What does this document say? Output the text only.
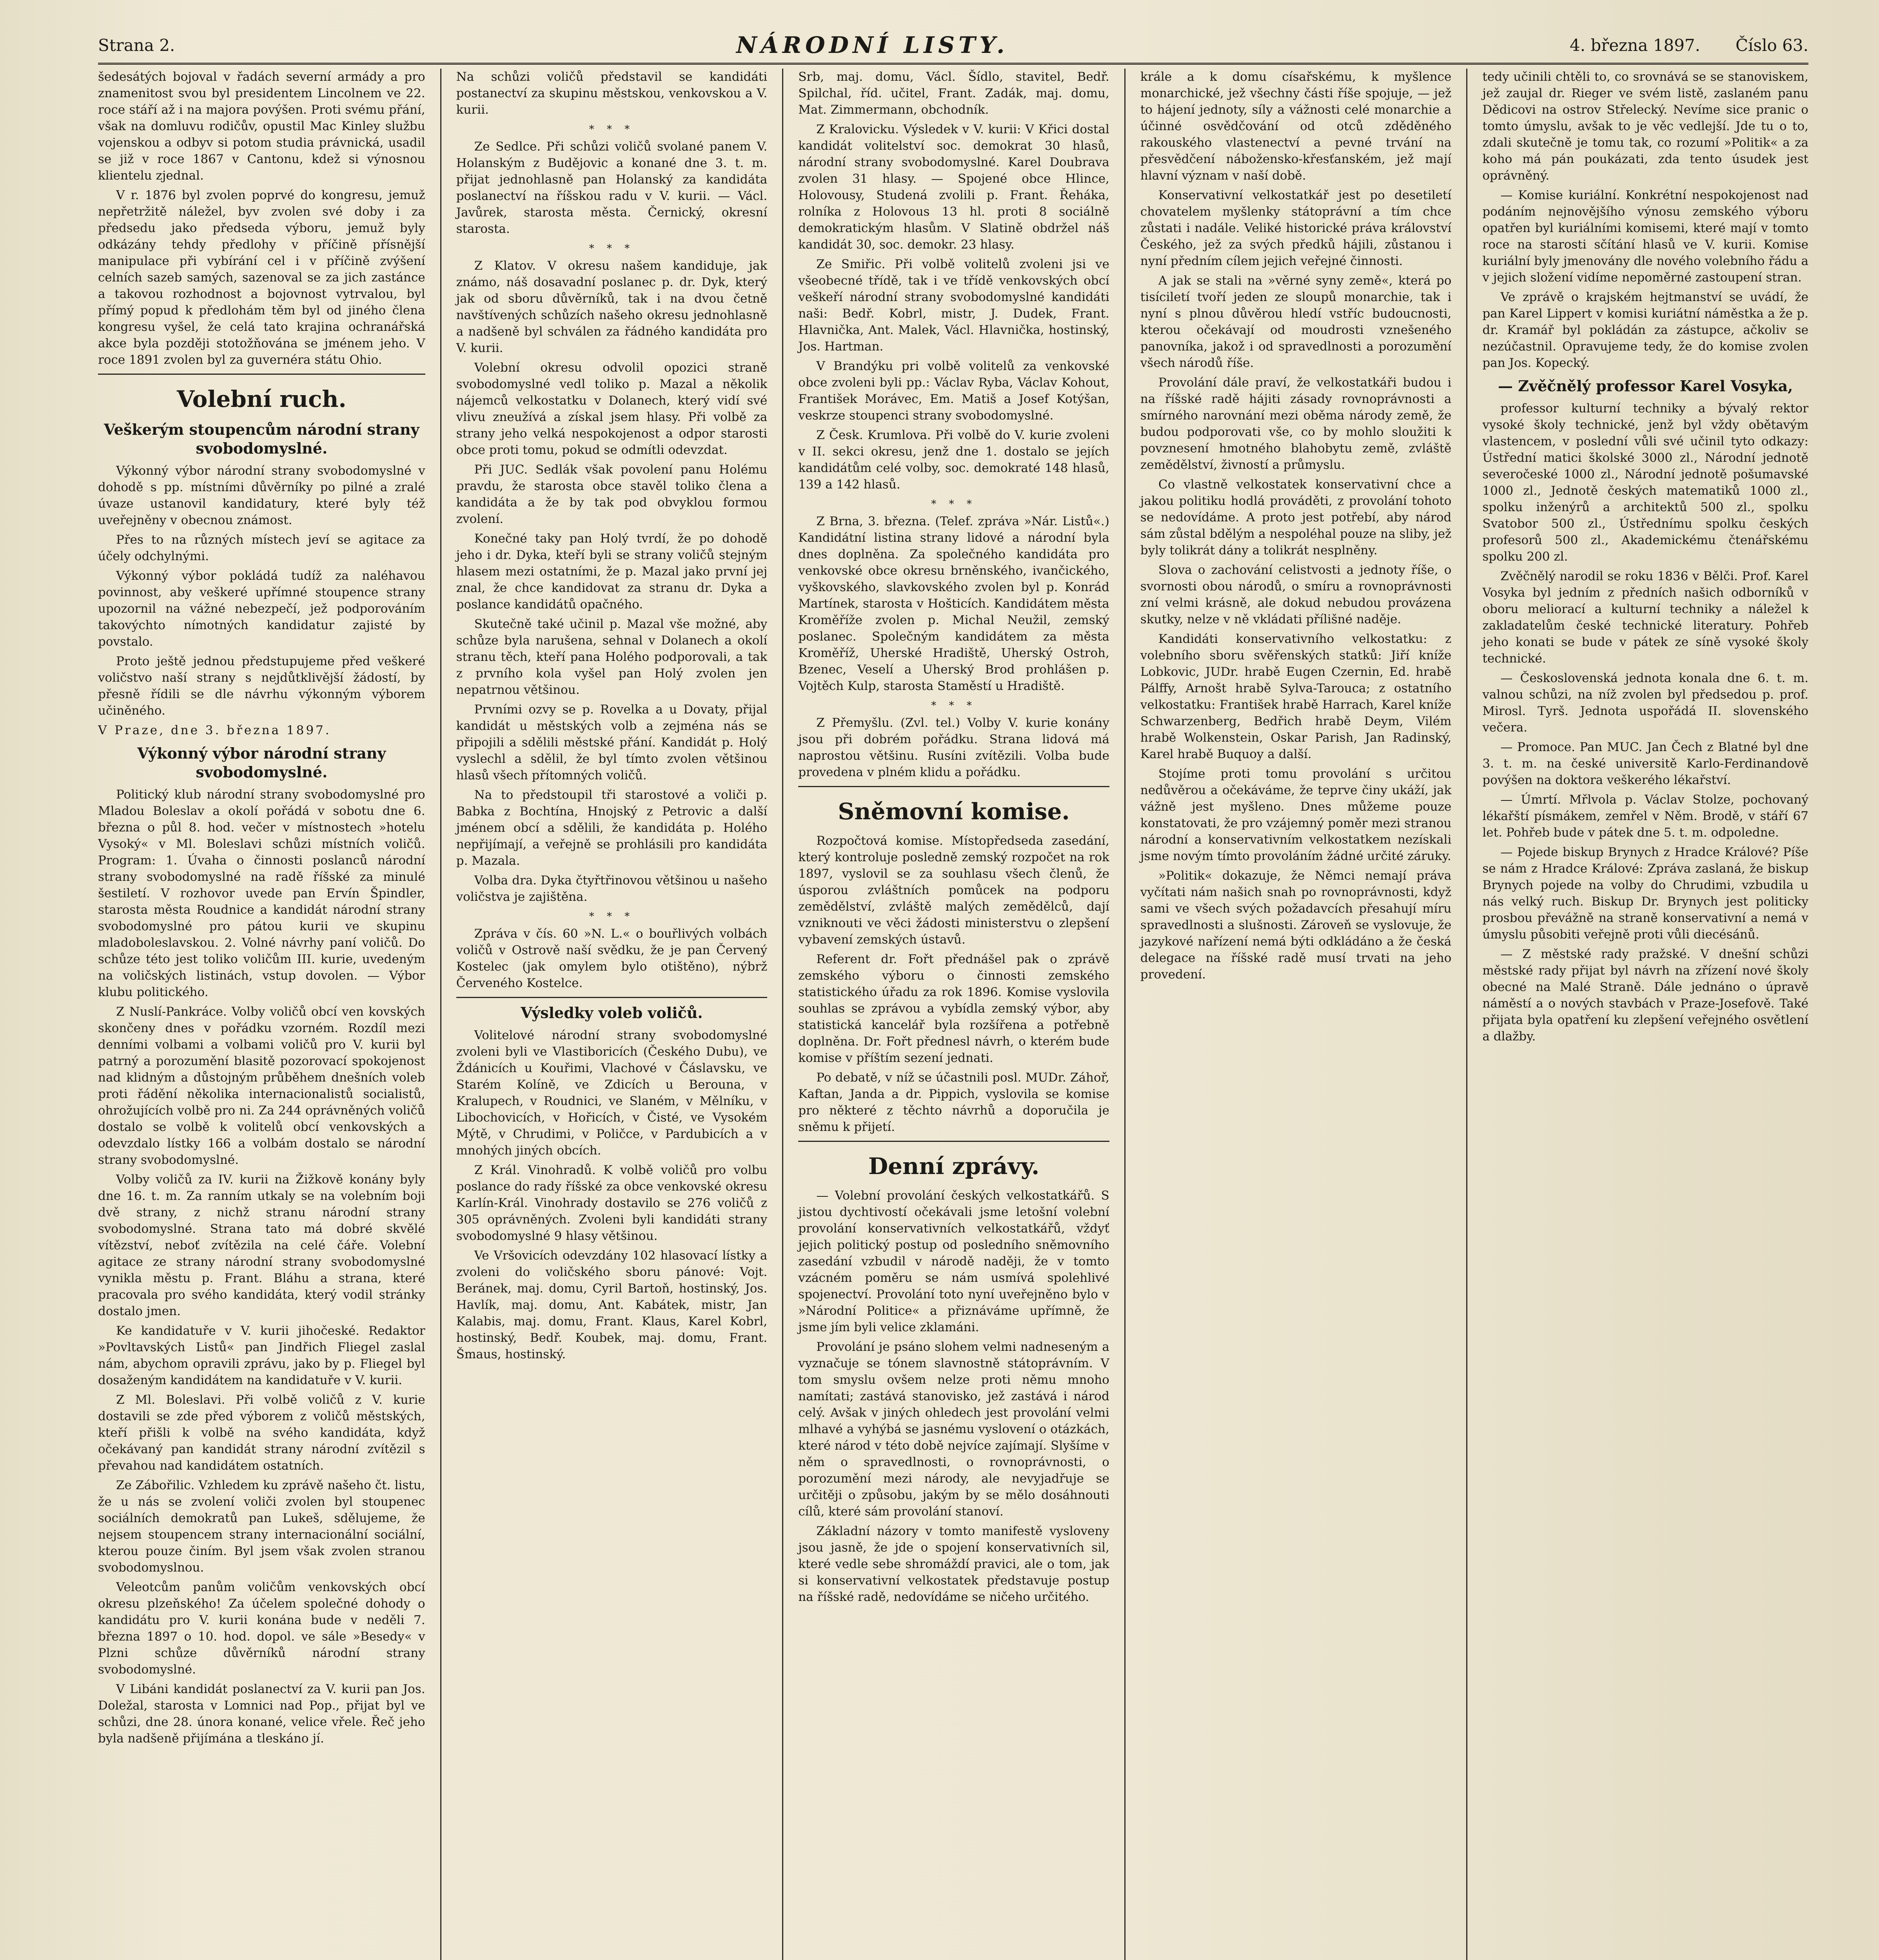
Strana 2.	NÁRODNÍ LISTY.	4. března 1897. Číslo 63.

šedesátých bojoval v řadách severní armády a pro znamenitost svou byl presidentem Lincolnem ve 22. roce stáří až i na majora povýšen. Proti svému přání, však na domluvu rodičův, opustil Mac Kinley službu vojenskou a odbyv si potom studia právnická, usadil se již v roce 1867 v Cantonu, kdež si výnosnou klientelu zjednal.

V r. 1876 byl zvolen poprvé do kongresu, jemuž nepřetržitě náležel, byv zvolen své doby i za předsedu jako předseda výboru, jemuž byly odkázány tehdy předlohy v příčině přísnější manipulace při vybírání cel i v příčině zvýšení celních sazeb samých, sazenoval se za jich zastánce a takovou rozhodnost a bojovnost vytrvalou, byl přímý popud k předlohám těm byl od jiného člena kongresu vyšel, že celá tato krajina ochranářská akce byla později stotožňována se jménem jeho. V roce 1891 zvolen byl za guvernéra státu Ohio.

Volební ruch.
Veškerým stoupencům národní strany svobodomyslné.

Výkonný výbor národní strany svobodomyslné v dohodě s pp. místními důvěrníky po pilné a zralé úvaze ustanovil kandidatury, které byly též uveřejněny v obecnou známost.

Přes to na různých místech jeví se agitace za účely odchylnými.

Výkonný výbor pokládá tudíž za naléhavou povinnost, aby veškeré upřímné stoupence strany upozornil na vážné nebezpečí, jež podporováním takovýchto nímotných kandidatur zajisté by povstalo.

Proto ještě jednou předstupujeme před veškeré voličstvo naší strany s nejdůtklivější žádostí, by přesně řídili se dle návrhu výkonným výborem učiněného.

V Praze, dne 3. března 1897.

Výkonný výbor národní strany svobodomyslné.

Politický klub národní strany svobodomyslné pro Mladou Boleslav a okolí pořádá v sobotu dne 6. března o půl 8. hod. večer v místnostech »hotelu Vysoký« v Ml. Boleslavi schůzi místních voličů. Program: 1. Úvaha o činnosti poslanců národní strany svobodomyslné na radě říšské za minulé šestiletí. V rozhovor uvede pan Ervín Špindler, starosta města Roudnice a kandidát národní strany svobodomyslné pro pátou kurii ve skupinu mladoboleslavskou. 2. Volné návrhy paní voličů. Do schůze této jest toliko voličům III. kurie, uvedeným na voličských listinách, vstup dovolen. — Výbor klubu politického.

Z Nuslí-Pankráce. Volby voličů obcí ven kovských skončeny dnes v pořádku vzorném. Rozdíl mezi denními volbami a volbami voličů pro V. kurii byl patrný a porozumění blasitě pozorovací spokojenost nad klidným a důstojným průběhem dnešních voleb proti řádění několika internacionalistů socialistů, ohrožujících volbě pro ni. Za 244 oprávněných voličů dostalo se volbě k volitelů obcí venkovských a odevzdalo lístky 166 a volbám dostalo se národní strany svobodomyslné.

Volby voličů za IV. kurii na Žižkově konány byly dne 16. t. m. Za ranním utkaly se na volebním boji dvě strany, z nichž stranu národní strany svobodomyslné. Strana tato má dobré skvělé vítězství, neboť zvítězila na celé čáře. Volební agitace ze strany národní strany svobodomyslné vynikla městu p. Frant. Bláhu a strana, které pracovala pro svého kandidáta, který vodil stránky dostalo jmen.

Ke kandidatuře v V. kurii jihočeské. Redaktor »Povltavských Listů« pan Jindřich Fliegel zaslal nám, abychom opravili zprávu, jako by p. Fliegel byl dosaženým kandidátem na kandidatuře v V. kurii.

Z Ml. Boleslavi. Při volbě voličů z V. kurie dostavili se zde před výborem z voličů městských, kteří přišli k volbě na svého kandidáta, když očekávaný pan kandidát strany národní zvítězil s převahou nad kandidátem ostatních.

Ze Zábořilic. Vzhledem ku zprávě našeho čt. listu, že u nás se zvolení voliči zvolen byl stoupenec sociálních demokratů pan Lukeš, sdělujeme, že nejsem stoupencem strany internacionální sociální, kterou pouze činím. Byl jsem však zvolen stranou svobodomyslnou.

Veleotcům panům voličům venkovských obcí okresu plzeňského! Za účelem společné dohody o kandidátu pro V. kurii konána bude v neděli 7. března 1897 o 10. hod. dopol. ve sále »Besedy« v Plzni schůze důvěrníků národní strany svobodomyslné.

V Libáni kandidát poslanectví za V. kurii pan Jos. Doležal, starosta v Lomnici nad Pop., přijat byl ve schůzi, dne 28. února konané, velice vřele. Řeč jeho byla nadšeně přijímána a tleskáno jí.

Na schůzi voličů představil se kandidáti postanectví za skupinu městskou, venkovskou a V. kurii.

* * *

Ze Sedlce. Při schůzi voličů svolané panem V. Holanským z Budějovic a konané dne 3. t. m. přijat jednohlasně pan Holanský za kandidáta poslanectví na říšskou radu v V. kurii. — Václ. Javůrek, starosta města. Černický, okresní starosta.

* * *

Z Klatov. V okresu našem kandiduje, jak známo, náš dosavadní poslanec p. dr. Dyk, který jak od sboru důvěrníků, tak i na dvou četně navštívených schůzích našeho okresu jednohlasně a nadšeně byl schválen za řádného kandidáta pro V. kurii.

Volební okresu odvolil opozici straně svobodomyslné vedl toliko p. Mazal a několik nájemců velkostatku v Dolanech, který vidí své vlivu zneužívá a získal jsem hlasy. Při volbě za strany jeho velká nespokojenost a odpor starosti obce proti tomu, pokud se odmítli odevzdat.

Při JUC. Sedlák však povolení panu Holému pravdu, že starosta obce stavěl toliko člena a kandidáta a že by tak pod obvyklou formou zvolení.

Konečné taky pan Holý tvrdí, že po dohodě jeho i dr. Dyka, kteří byli se strany voličů stejným hlasem mezi ostatními, že p. Mazal jako první jej znal, že chce kandidovat za stranu dr. Dyka a poslance kandidátů opačného.

Skutečně také učinil p. Mazal vše možné, aby schůze byla narušena, sehnal v Dolanech a okolí stranu těch, kteří pana Holého podporovali, a tak z prvního kola vyšel pan Holý zvolen jen nepatrnou většinou.

Prvními ozvy se p. Rovelka a u Dovaty, přijal kandidát u městských volb a zejména nás se připojili a sdělili městské přání. Kandidát p. Holý vyslechl a sdělil, že byl tímto zvolen většinou hlasů všech přítomných voličů.

Na to předstoupil tři starostové a voliči p. Babka z Bochtína, Hnojský z Petrovic a další jménem obcí a sdělili, že kandidáta p. Holého nepřijímají, a veřejně se prohlásili pro kandidáta p. Mazala.

Volba dra. Dyka čtyřtřinovou většinou u našeho voličstva je zajištěna.

* * *

Zpráva v čís. 60 »N. L.« o bouřlivých volbách voličů v Ostrově naší svědku, že je pan Červený Kostelec (jak omylem bylo otištěno), nýbrž Červeného Kostelce.

Výsledky voleb voličů.

Volitelové národní strany svobodomyslné zvoleni byli ve Vlastiboricích (Českého Dubu), ve Ždánicích u Kouřimi, Vlachové v Čáslavsku, ve Starém Kolíně, ve Zdicích u Berouna, v Kralupech, v Roudnici, ve Slaném, v Mělníku, v Libochovicích, v Hořicích, v Čisté, ve Vysokém Mýtě, v Chrudimi, v Poličce, v Pardubicích a v mnohých jiných obcích.

Z Král. Vinohradů. K volbě voličů pro volbu poslance do rady říšské za obce venkovské okresu Karlín-Král. Vinohrady dostavilo se 276 voličů z 305 oprávněných. Zvoleni byli kandidáti strany svobodomyslné 9 hlasy většinou.

Ve Vršovicích odevzdány 102 hlasovací lístky a zvoleni do voličského sboru pánové: Vojt. Beránek, maj. domu, Cyril Bartoň, hostinský, Jos. Havlík, maj. domu, Ant. Kabátek, mistr, Jan Kalabis, maj. domu, Frant. Klaus, Karel Kobrl, hostinský, Bedř. Koubek, maj. domu, Frant. Šmaus, hostinský.

Srb, maj. domu, Václ. Šídlo, stavitel, Bedř. Spilchal, říd. učitel, Frant. Zadák, maj. domu, Mat. Zimmermann, obchodník.

Z Kralovicku. Výsledek v V. kurii: V Křici dostal kandidát volitelství soc. demokrat 30 hlasů, národní strany svobodomyslné. Karel Doubrava zvolen 31 hlasy. — Spojené obce Hlince, Holovousy, Studená zvolili p. Frant. Řeháka, rolníka z Holovous 13 hl. proti 8 sociálně demokratickým hlasům. V Slatině obdržel náš kandidát 30, soc. demokr. 23 hlasy.

Ze Smiřic. Při volbě volitelů zvoleni jsi ve všeobecné třídě, tak i ve třídě venkovských obcí veškeří národní strany svobodomyslné kandidáti naši: Bedř. Kobrl, mistr, J. Dudek, Frant. Hlavnička, Ant. Malek, Václ. Hlavnička, hostinský, Jos. Hartman.

V Brandýku pri volbě volitelů za venkovské obce zvoleni byli pp.: Václav Ryba, Václav Kohout, František Morávec, Em. Matiš a Josef Kotýšan, veskrze stoupenci strany svobodomyslné.

Z Česk. Krumlova. Při volbě do V. kurie zvoleni v II. sekci okresu, jenž dne 1. dostalo se jejích kandidátům celé volby, soc. demokraté 148 hlasů, 139 a 142 hlasů.

* * *

Z Brna, 3. března. (Telef. zpráva »Nár. Listů«.) Kandidátní listina strany lidové a národní byla dnes doplněna. Za společného kandidáta pro venkovské obce okresu brněnského, ivančického, vyškovského, slavkovského zvolen byl p. Konrád Martínek, starosta v Hošticích. Kandidátem města Kroměříže zvolen p. Michal Neužil, zemský poslanec. Společným kandidátem za města Kroměříž, Uherské Hradiště, Uherský Ostroh, Bzenec, Veselí a Uherský Brod prohlášen p. Vojtěch Kulp, starosta Staměstí u Hradiště.

* * *

Z Přemyšlu. (Zvl. tel.) Volby V. kurie konány jsou při dobrém pořádku. Strana lidová má naprostou většinu. Rusíni zvítězili. Volba bude provedena v plném klidu a pořádku.

Sněmovní komise.

Rozpočtová komise. Místopředseda zasedání, který kontroluje posledně zemský rozpočet na rok 1897, vyslovil se za souhlasu všech členů, že úsporou zvláštních pomůcek na podporu zemědělství, zvláště malých zemědělců, dají vzniknouti ve věci žádosti ministerstvu o zlepšení vybavení zemských ústavů.

Referent dr. Fořt přednášel pak o zprávě zemského výboru o činnosti zemského statistického úřadu za rok 1896. Komise vyslovila souhlas se zprávou a vybídla zemský výbor, aby statistická kancelář byla rozšířena a potřebně doplněna. Dr. Fořt přednesl návrh, o kterém bude komise v příštím sezení jednati.

Po debatě, v níž se účastnili posl. MUDr. Záhoř, Kaftan, Janda a dr. Pippich, vyslovila se komise pro některé z těchto návrhů a doporučila je sněmu k přijetí.

Denní zprávy.

— Volební provolání českých velkostatkářů. S jistou dychtivostí očekávali jsme letošní volební provolání konservativních velkostatkářů, vždyť jejich politický postup od posledního sněmovního zasedání vzbudil v národě naději, že v tomto vzácném poměru se nám usmívá spolehlivé spojenectví. Provolání toto nyní uveřejněno bylo v »Národní Politice« a přiznáváme upřímně, že jsme jím byli velice zklamáni.

Provolání je psáno slohem velmi nadneseným a vyznačuje se tónem slavnostně státoprávním. V tom smyslu ovšem nelze proti němu mnoho namítati; zastává stanovisko, jež zastává i národ celý. Avšak v jiných ohledech jest provolání velmi mlhavé a vyhýbá se jasnému vyslovení o otázkách, které národ v této době nejvíce zajímají. Slyšíme v něm o spravedlnosti, o rovnoprávnosti, o porozumění mezi národy, ale nevyjadřuje se určitěji o způsobu, jakým by se mělo dosáhnouti cílů, které sám provolání stanoví.

Základní názory v tomto manifestě vysloveny jsou jasně, že jde o spojení konservativních sil, které vedle sebe shromáždí pravici, ale o tom, jak si konservativní velkostatek představuje postup na říšské radě, nedovídáme se ničeho určitého.

krále a k domu císařskému, k myšlence monarchické, jež všechny části říše spojuje, — jež to hájení jednoty, síly a vážnosti celé monarchie a účinné osvědčování od otců zděděného rakouského vlastenectví a pevné trvání na přesvědčení nábožensko-křesťanském, jež mají hlavní význam v naší době.

Konservativní velkostatkář jest po desetiletí chovatelem myšlenky státoprávní a tím chce zůstati i nadále. Veliké historické práva království Českého, jež za svých předků hájili, zůstanou i nyní předním cílem jejich veřejné činnosti.

A jak se stali na »věrné syny země«, která po tisíciletí tvoří jeden ze sloupů monarchie, tak i nyní s plnou důvěrou hledí vstříc budoucnosti, kterou očekávají od moudrosti vznešeného panovníka, jakož i od spravedlnosti a porozumění všech národů říše.

Provolání dále praví, že velkostatkáři budou i na říšské radě hájiti zásady rovnoprávnosti a smírného narovnání mezi oběma národy země, že budou podporovati vše, co by mohlo sloužiti k povznesení hmotného blahobytu země, zvláště zemědělství, živností a průmyslu.

Co vlastně velkostatek konservativní chce a jakou politiku hodlá prováděti, z provolání tohoto se nedovídáme. A proto jest potřebí, aby národ sám zůstal bdělým a nespoléhal pouze na sliby, jež byly tolikrát dány a tolikrát nesplněny.

Slova o zachování celistvosti a jednoty říše, o svornosti obou národů, o smíru a rovnoprávnosti zní velmi krásně, ale dokud nebudou provázena skutky, nelze v ně vkládati přílišné naděje.

Kandidáti konservativního velkostatku: z volebního sboru svěřenských statků: Jiří kníže Lobkovic, JUDr. hrabě Eugen Czernin, Ed. hrabě Pálffy, Arnošt hrabě Sylva-Tarouca; z ostatního velkostatku: František hrabě Harrach, Karel kníže Schwarzenberg, Bedřich hrabě Deym, Vilém hrabě Wolkenstein, Oskar Parish, Jan Radinský, Karel hrabě Buquoy a další.

Stojíme proti tomu provolání s určitou nedůvěrou a očekáváme, že teprve činy ukáží, jak vážně jest myšleno. Dnes můžeme pouze konstatovati, že pro vzájemný poměr mezi stranou národní a konservativním velkostatkem nezískali jsme novým tímto provoláním žádné určité záruky.

»Politik« dokazuje, že Němci nemají práva vyčítati nám našich snah po rovnoprávnosti, když sami ve všech svých požadavcích přesahují míru spravedlnosti a slušnosti. Zároveň se vyslovuje, že jazykové nařízení nemá býti odkládáno a že česká delegace na říšské radě musí trvati na jeho provedení.

tedy učinili chtěli to, co srovnává se se stanoviskem, jež zaujal dr. Rieger ve svém listě, zaslaném panu Dědicovi na ostrov Střelecký. Nevíme sice pranic o tomto úmyslu, avšak to je věc vedlejší. Jde tu o to, zdali skutečně je tomu tak, co rozumí »Politik« a za koho má pán poukázati, zda tento úsudek jest oprávněný.

— Komise kuriální. Konkrétní nespokojenost nad podáním nejnovějšího výnosu zemského výboru opatřen byl kuriálními komisemi, které mají v tomto roce na starosti sčítání hlasů ve V. kurii. Komise kuriální byly jmenovány dle nového volebního řádu a v jejich složení vidíme nepoměrné zastoupení stran.

Ve zprávě o krajském hejtmanství se uvádí, že pan Karel Lippert v komisi kuriátní náměstka a že p. dr. Kramář byl pokládán za zástupce, ačkoliv se nezúčastnil. Opravujeme tedy, že do komise zvolen pan Jos. Kopecký.

— Zvěčnělý professor Karel Vosyka,

professor kulturní techniky a bývalý rektor vysoké školy technické, jenž byl vždy obětavým vlastencem, v poslední vůli své učinil tyto odkazy: Ústřední matici školské 3000 zl., Národní jednotě severočeské 1000 zl., Národní jednotě pošumavské 1000 zl., Jednotě českých matematiků 1000 zl., spolku inženýrů a architektů 500 zl., spolku Svatobor 500 zl., Ústřednímu spolku českých profesorů 500 zl., Akademickému čtenářskému spolku 200 zl.

Zvěčnělý narodil se roku 1836 v Bělči. Prof. Karel Vosyka byl jedním z předních našich odborníků v oboru meliorací a kulturní techniky a náležel k zakladatelům české technické literatury. Pohřeb jeho konati se bude v pátek ze síně vysoké školy technické.

— Československá jednota konala dne 6. t. m. valnou schůzi, na níž zvolen byl předsedou p. prof. Mirosl. Tyrš. Jednota uspořádá II. slovenského večera.

— Promoce. Pan MUC. Jan Čech z Blatné byl dne 3. t. m. na české universitě Karlo-Ferdinandově povýšen na doktora veškerého lékařství.

— Úmrtí. Mřlvola p. Václav Stolze, pochovaný lékařští písmákem, zemřel v Něm. Brodě, v stáří 67 let. Pohřeb bude v pátek dne 5. t. m. odpoledne.

— Pojede biskup Brynych z Hradce Králové? Píše se nám z Hradce Králové: Zpráva zaslaná, že biskup Brynych pojede na volby do Chrudimi, vzbudila u nás velký ruch. Biskup Dr. Brynych jest politicky prosbou převážně na straně konservativní a nemá v úmyslu působiti veřejně proti vůli diecésánů.

— Z městské rady pražské. V dnešní schůzi městské rady přijat byl návrh na zřízení nové školy obecné na Malé Straně. Dále jednáno o úpravě náměstí a o nových stavbách v Praze-Josefově. Také přijata byla opatření ku zlepšení veřejného osvětlení a dlažby.
